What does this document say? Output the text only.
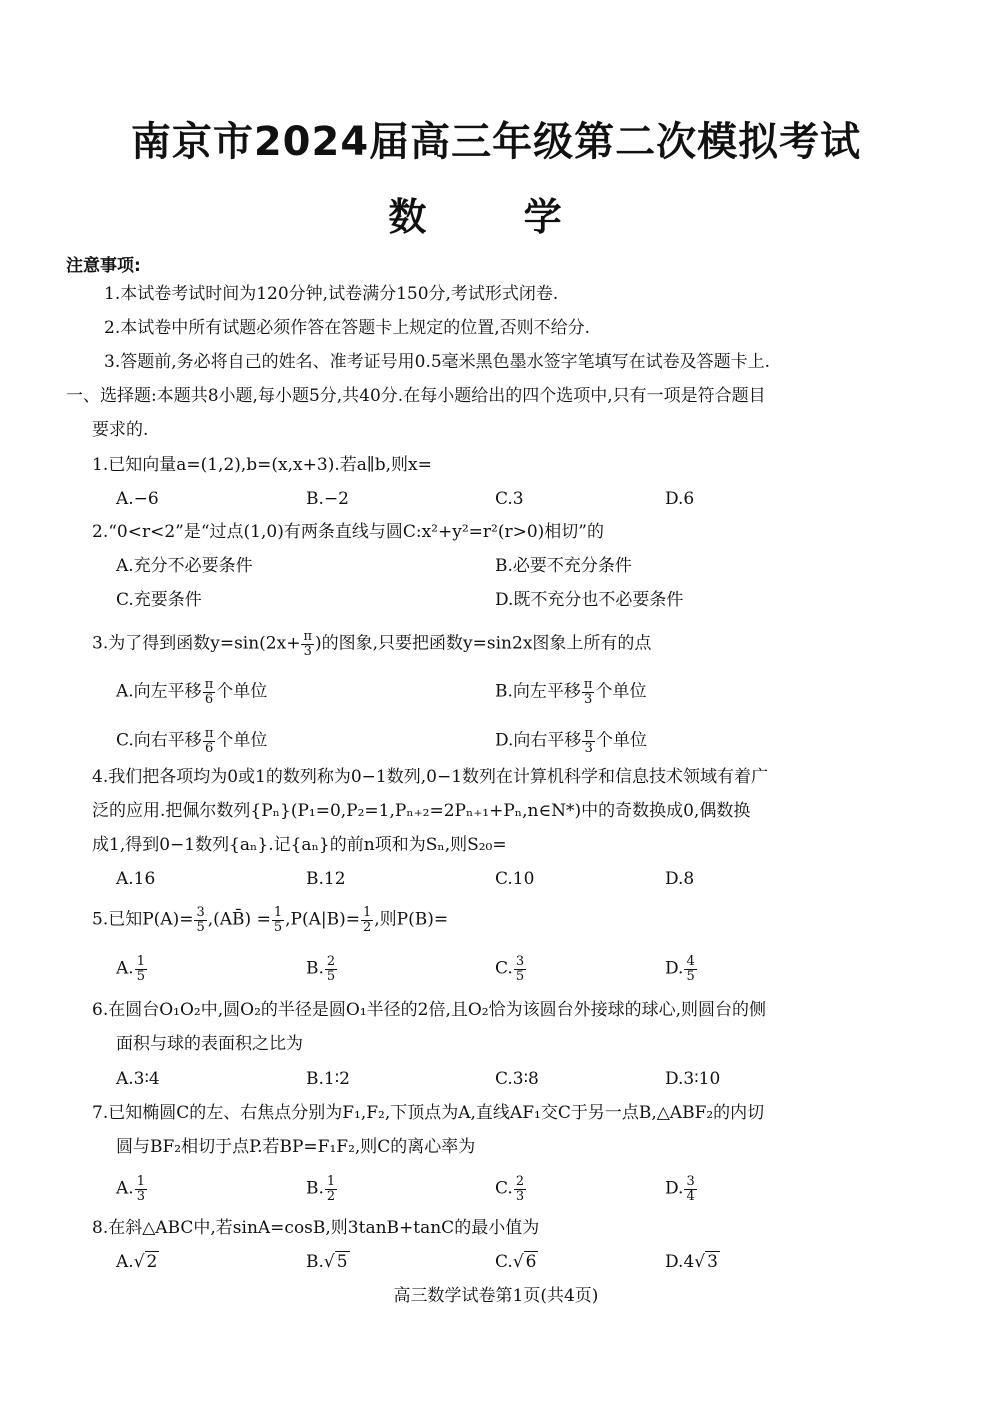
南京市2024届高三年级第二次模拟考试
数 学
注意事项:
1.本试卷考试时间为120分钟,试卷满分150分,考试形式闭卷.
2.本试卷中所有试题必须作答在答题卡上规定的位置,否则不给分.
3.答题前,务必将自己的姓名、准考证号用0.5毫米黑色墨水签字笔填写在试卷及答题卡上.
一、选择题:本题共8小题,每小题5分,共40分.在每小题给出的四个选项中,只有一项是符合题目
要求的.
1.已知向量a=(1,2),b=(x,x+3).若a∥b,则x=
A.−6	B.−2	C.3	D.6
2.“0<r<2”是“过点(1,0)有两条直线与圆C:x²+y²=r²(r>0)相切”的
A.充分不必要条件	B.必要不充分条件
C.充要条件	D.既不充分也不必要条件
3.为了得到函数$y=\sin(2x+ \frac{\pi}{3}$ )的图象,只要把函数y=sin2x图象上所有的点
A.向左平移 $\frac{\pi}{6}$ 个单位	B.向左平移 $\frac{\pi}{3}$ 个单位
C.向右平移 $\frac{\pi}{6}$ 个单位	D.向右平移 $\frac{\pi}{3}$ 个单位
4.我们把各项均为0或1的数列称为0−1数列,0−1数列在计算机科学和信息技术领域有着广
泛的应用.把佩尔数列{Pₙ}(P₁=0,P₂=1,Pₙ₊₂=2Pₙ₊₁+Pₙ,n∈N*)中的奇数换成0,偶数换
成1,得到0−1数列{aₙ}.记{aₙ}的前n项和为Sₙ,则S₂₀=
A.16	B.12	C.10	D.8
5.已知$P(A)= \frac{3}{5}$ ,(AB̄) = $\frac{1}{5} ,P(A|B)= \frac{1}{2}$ ,则P(B)=
A. $\frac{1}{5}$	B. $\frac{2}{5}$	C. $\frac{3}{5}$	D. $\frac{4}{5}$
6.在圆台O₁O₂中,圆O₂的半径是圆O₁半径的2倍,且O₂恰为该圆台外接球的球心,则圆台的侧
面积与球的表面积之比为
A.3∶4	B.1∶2	C.3∶8	D.3∶10
7.已知椭圆C的左、右焦点分别为F₁,F₂,下顶点为A,直线AF₁交C于另一点B,△ABF₂的内切
圆与BF₂相切于点P.若BP=F₁F₂,则C的离心率为
A. $\frac{1}{3}$	B. $\frac{1}{2}$	C. $\frac{2}{3}$	D. $\frac{3}{4}$
8.在斜△ABC中,若sinA=cosB,则3tanB+tanC的最小值为
A.√ 2	B.√ 5	C.√ 6	D.4√ 3
高三数学试卷第1页(共4页)
